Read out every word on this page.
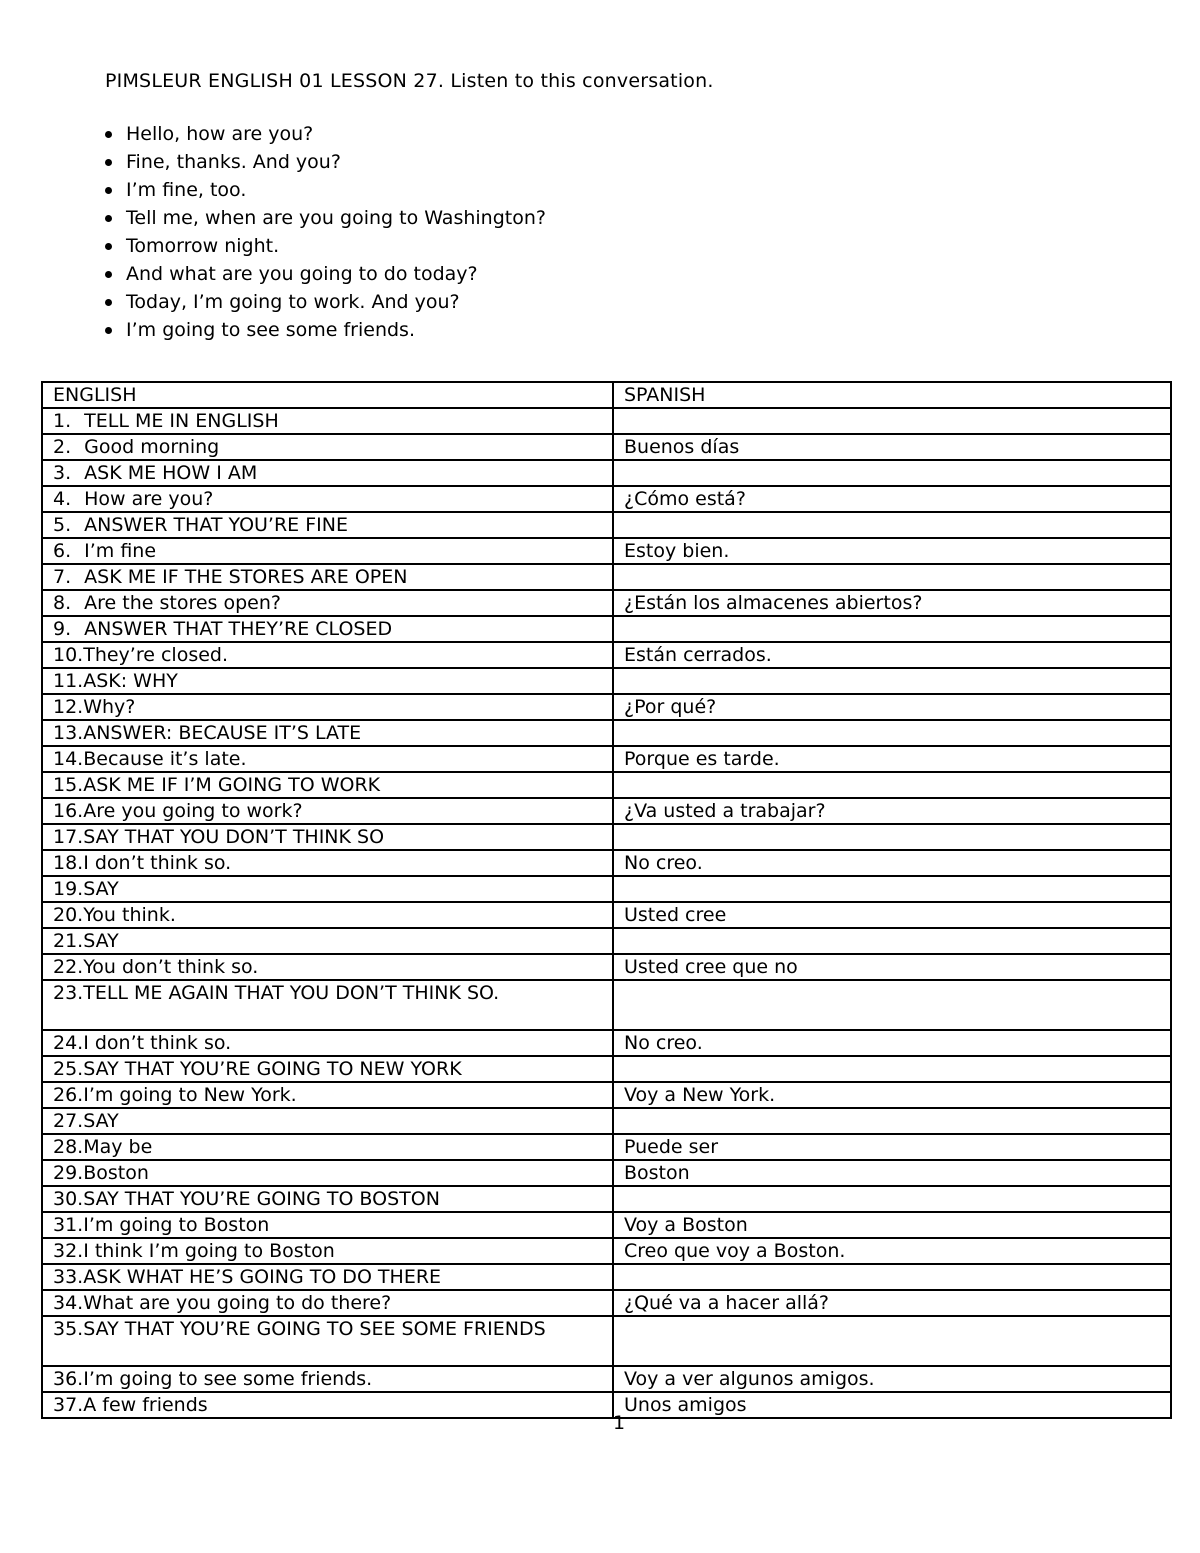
PIMSLEUR ENGLISH 01 LESSON 27. Listen to this conversation.
Hello, how are you?
Fine, thanks. And you?
I’m fine, too.
Tell me, when are you going to Washington?
Tomorrow night.
And what are you going to do today?
Today, I’m going to work. And you?
I’m going to see some friends.
ENGLISH	SPANISH

1. TELL ME IN ENGLISH	

2. Good morning	Buenos días

3. ASK ME HOW I AM	

4. How are you?	¿Cómo está?

5. ANSWER THAT YOU’RE FINE	

6. I’m fine	Estoy bien.

7. ASK ME IF THE STORES ARE OPEN	

8. Are the stores open?	¿Están los almacenes abiertos?

9. ANSWER THAT THEY’RE CLOSED	

10. They’re closed.	Están cerrados.

11. ASK: WHY	

12. Why?	¿Por qué?

13. ANSWER: BECAUSE IT’S LATE	

14. Because it’s late.	Porque es tarde.

15. ASK ME IF I’M GOING TO WORK	

16. Are you going to work?	¿Va usted a trabajar?

17. SAY THAT YOU DON’T THINK SO	

18. I don’t think so.	No creo.

19. SAY	

20. You think.	Usted cree

21. SAY	

22. You don’t think so.	Usted cree que no

23. TELL ME AGAIN THAT YOU DON’T THINK SO.	

24. I don’t think so.	No creo.

25. SAY THAT YOU’RE GOING TO NEW YORK	

26. I’m going to New York.	Voy a New York.

27. SAY	

28. May be	Puede ser

29. Boston	Boston

30. SAY THAT YOU’RE GOING TO BOSTON	

31. I’m going to Boston	Voy a Boston

32. I think I’m going to Boston	Creo que voy a Boston.

33. ASK WHAT HE’S GOING TO DO THERE	

34. What are you going to do there?	¿Qué va a hacer allá?

35. SAY THAT YOU’RE GOING TO SEE SOME FRIENDS	

36. I’m going to see some friends.	Voy a ver algunos amigos.

37. A few friends	Unos amigos
1
